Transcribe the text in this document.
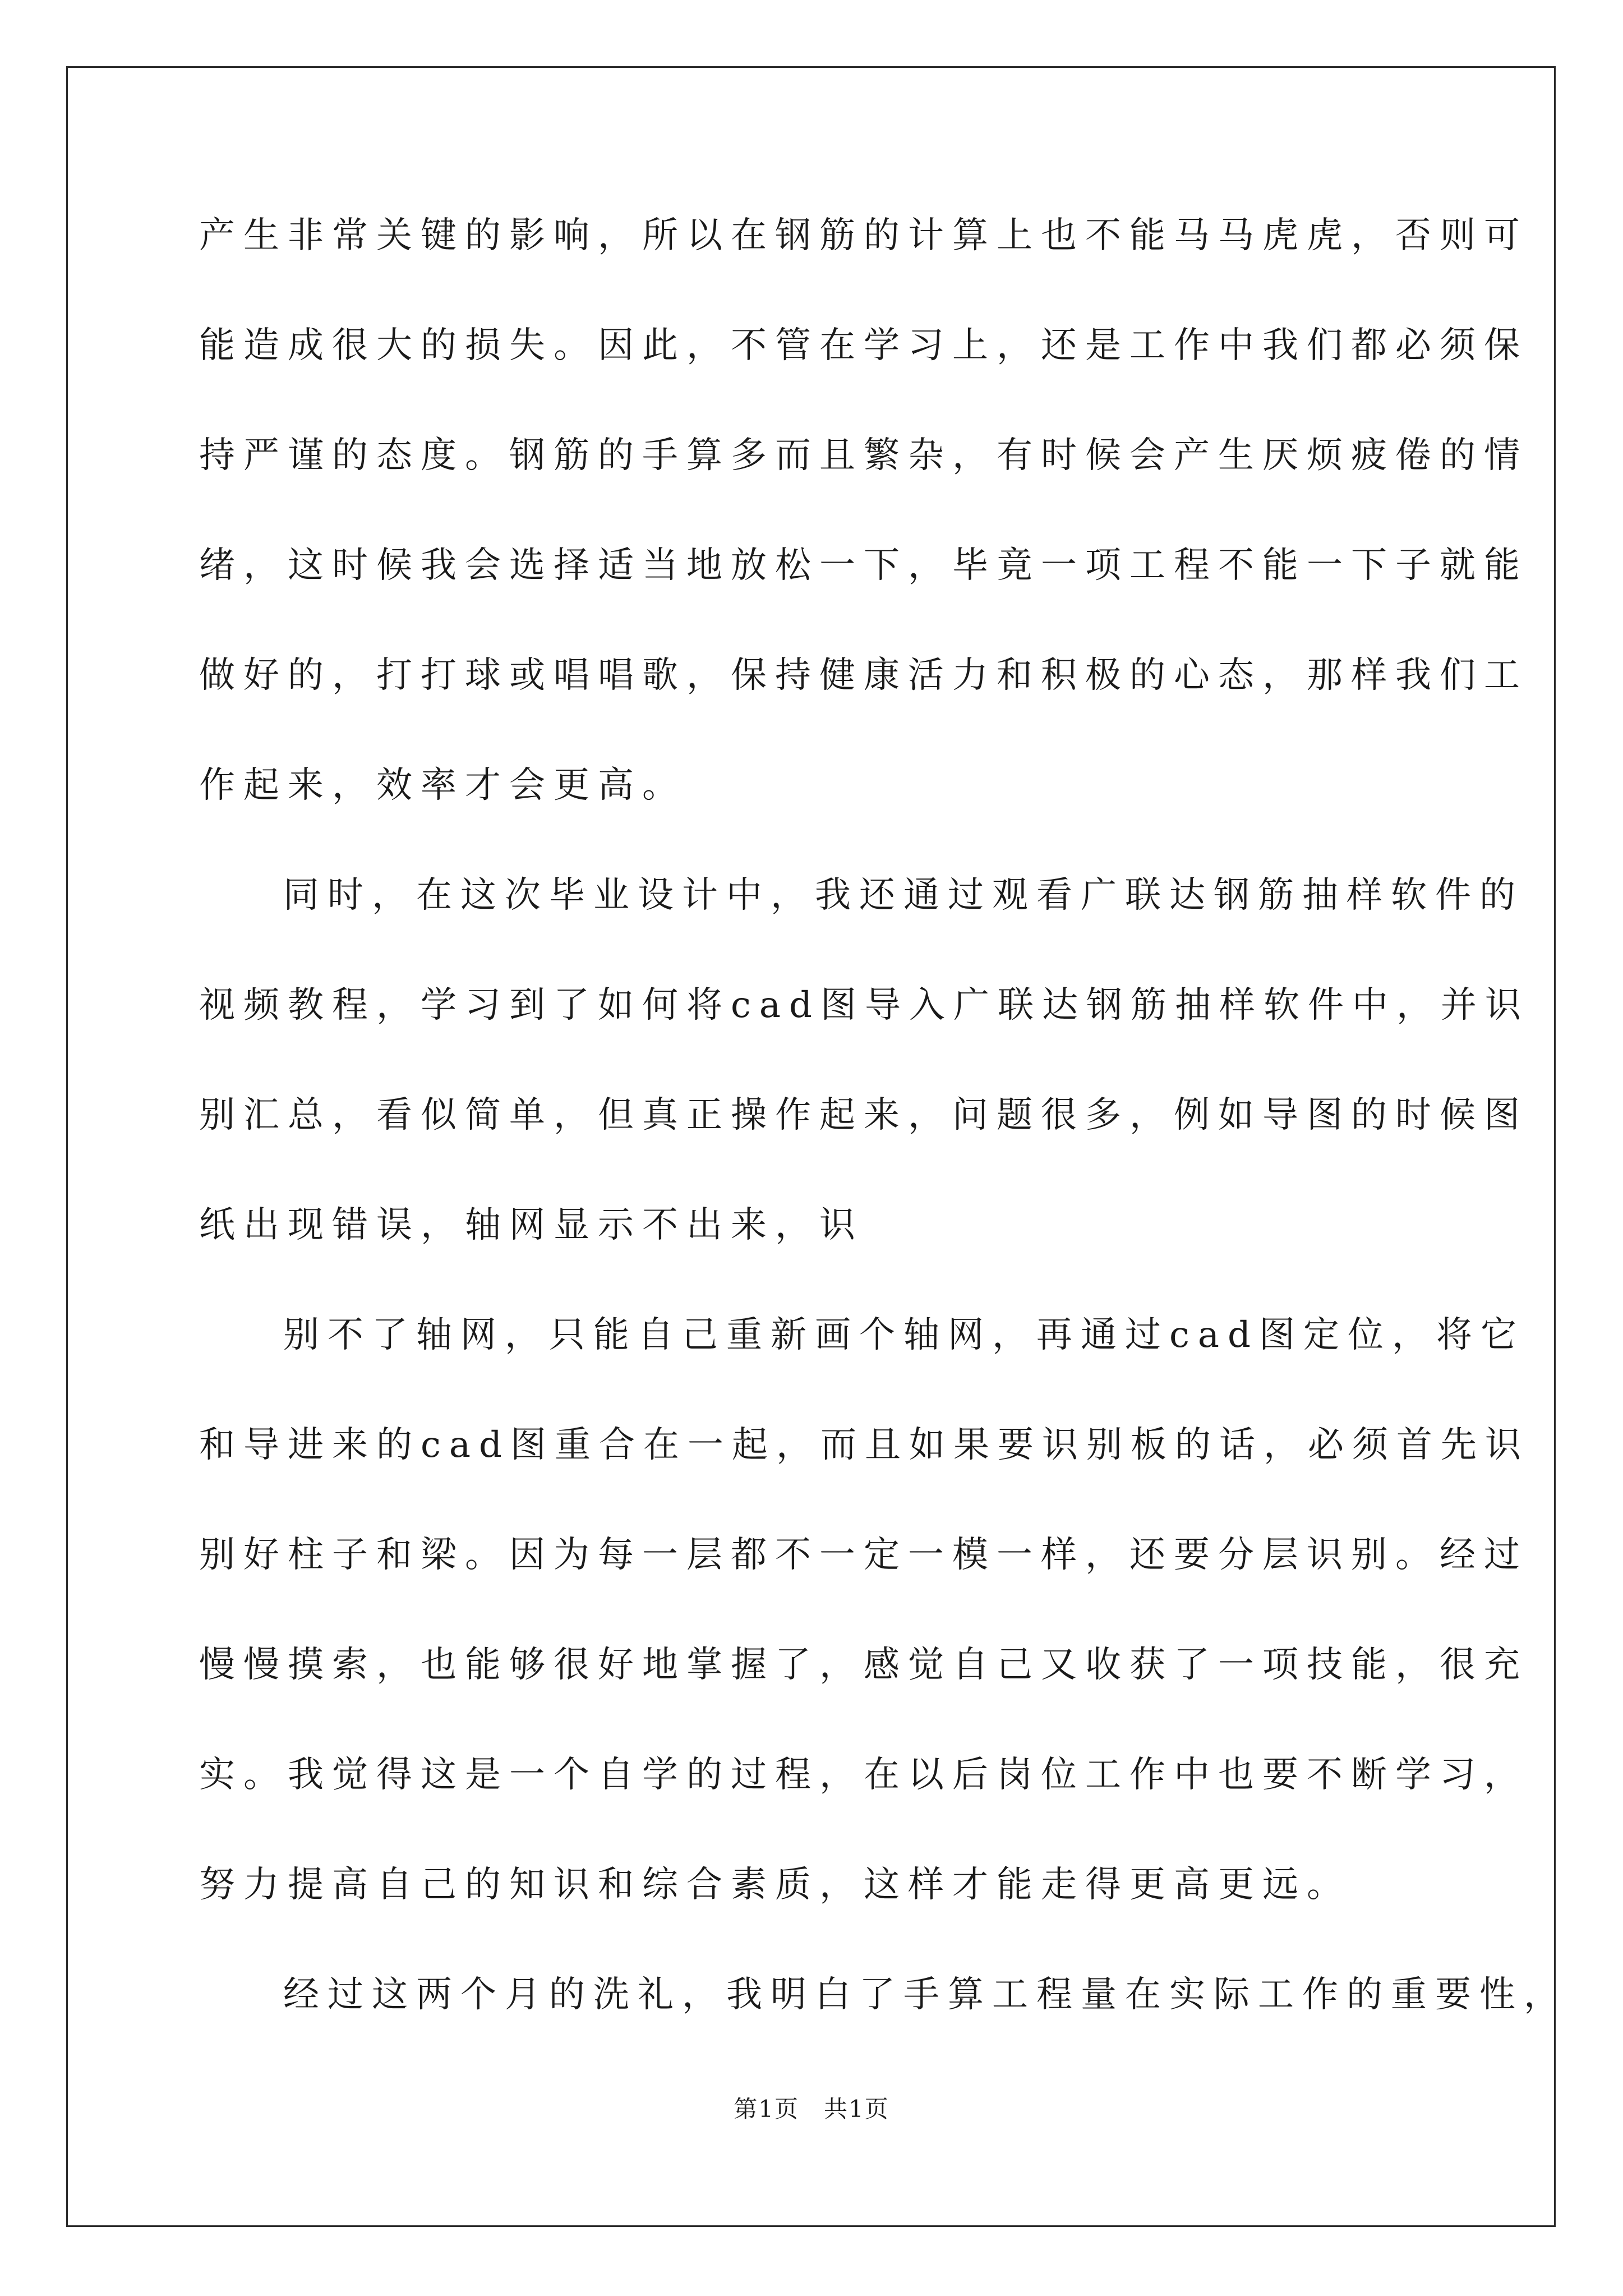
产生非常关键的影响，所以在钢筋的计算上也不能马马虎虎，否则可
能造成很大的损失。因此，不管在学习上，还是工作中我们都必须保
持严谨的态度。钢筋的手算多而且繁杂，有时候会产生厌烦疲倦的情
绪，这时候我会选择适当地放松一下，毕竟一项工程不能一下子就能
做好的，打打球或唱唱歌，保持健康活力和积极的心态，那样我们工
作起来，效率才会更高。
同时，在这次毕业设计中，我还通过观看广联达钢筋抽样软件的
视频教程，学习到了如何将cad图导入广联达钢筋抽样软件中，并识
别汇总，看似简单，但真正操作起来，问题很多，例如导图的时候图
纸出现错误，轴网显示不出来，识
别不了轴网，只能自己重新画个轴网，再通过cad图定位，将它
和导进来的cad图重合在一起，而且如果要识别板的话，必须首先识
别好柱子和梁。因为每一层都不一定一模一样，还要分层识别。经过
慢慢摸索，也能够很好地掌握了，感觉自己又收获了一项技能，很充
实。我觉得这是一个自学的过程，在以后岗位工作中也要不断学习，
努力提高自己的知识和综合素质，这样才能走得更高更远。
经过这两个月的洗礼，我明白了手算工程量在实际工作的重要性，
第1页　共1页
